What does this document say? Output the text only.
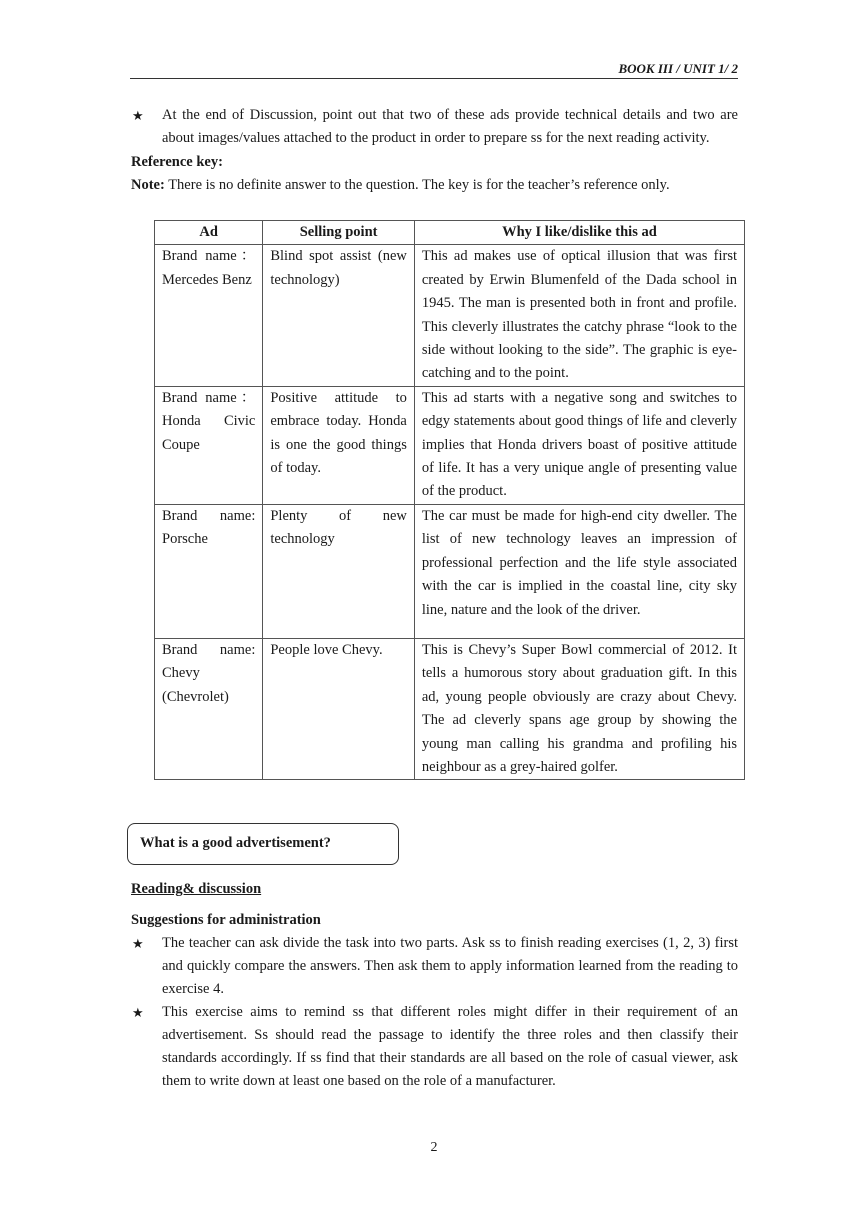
BOOK III / UNIT 1/ 2
★ At the end of Discussion, point out that two of these ads provide technical details and two are about images/values attached to the product in order to prepare ss for the next reading activity.
Reference key:
Note: There is no definite answer to the question. The key is for the teacher’s reference only.
Ad	Selling point	Why I like/dislike this ad
Brand name：Mercedes Benz	Blind spot assist (new technology)	This ad makes use of optical illusion that was first created by Erwin Blumenfeld of the Dada school in 1945. The man is presented both in front and profile. This cleverly illustrates the catchy phrase “look to the side without looking to the side”. The graphic is eye-catching and to the point.
Brand name：Honda Civic Coupe	Positive attitude to embrace today. Honda is one the good things of today.	This ad starts with a negative song and switches to edgy statements about good things of life and cleverly implies that Honda drivers boast of positive attitude of life. It has a very unique angle of presenting value of the product.
Brand name: Porsche	Plenty of new technology	The car must be made for high-end city dweller. The list of new technology leaves an impression of professional perfection and the life style associated with the car is implied in the coastal line, city sky line, nature and the look of the driver.
Brand name: Chevy (Chevrolet)	People love Chevy.	This is Chevy’s Super Bowl commercial of 2012. It tells a humorous story about graduation gift. In this ad, young people obviously are crazy about Chevy. The ad cleverly spans age group by showing the young man calling his grandma and profiling his neighbour as a grey-haired golfer.
What is a good advertisement?
Reading& discussion
Suggestions for administration
★ The teacher can ask divide the task into two parts. Ask ss to finish reading exercises (1, 2, 3) first and quickly compare the answers. Then ask them to apply information learned from the reading to exercise 4.
★ This exercise aims to remind ss that different roles might differ in their requirement of an advertisement. Ss should read the passage to identify the three roles and then classify their standards accordingly. If ss find that their standards are all based on the role of casual viewer, ask them to write down at least one based on the role of a manufacturer.
2
